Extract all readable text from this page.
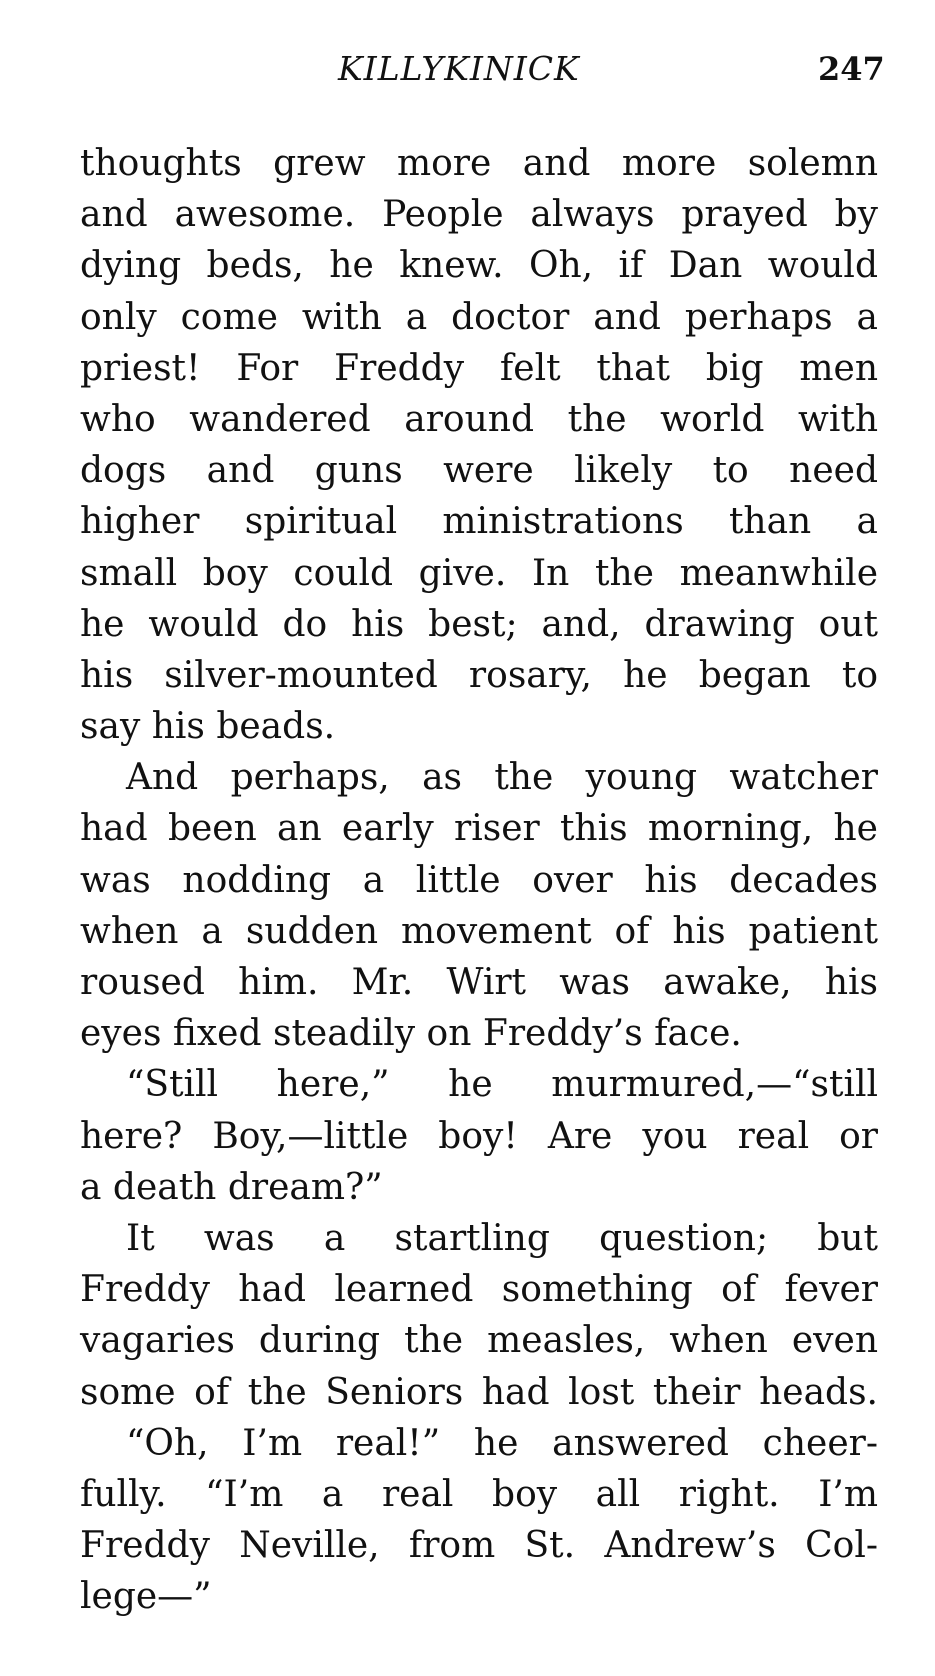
KILLYKINICK	247

thoughts grew more and more solemn
and awesome. People always prayed by
dying beds, he knew. Oh, if Dan would
only come with a doctor and perhaps a
priest! For Freddy felt that big men
who wandered around the world with
dogs and guns were likely to need
higher spiritual ministrations than a
small boy could give. In the meanwhile
he would do his best; and, drawing out
his silver-mounted rosary, he began to
say his beads.

And perhaps, as the young watcher
had been an early riser this morning, he
was nodding a little over his decades
when a sudden movement of his patient
roused him. Mr. Wirt was awake, his
eyes fixed steadily on Freddy’s face.

“Still here,” he murmured,—“still
here? Boy,—little boy! Are you real or
a death dream?”

It was a startling question; but
Freddy had learned something of fever
vagaries during the measles, when even
some of the Seniors had lost their heads.

“Oh, I’m real!” he answered cheer-
fully. “I’m a real boy all right. I’m
Freddy Neville, from St. Andrew’s Col-
lege—”
